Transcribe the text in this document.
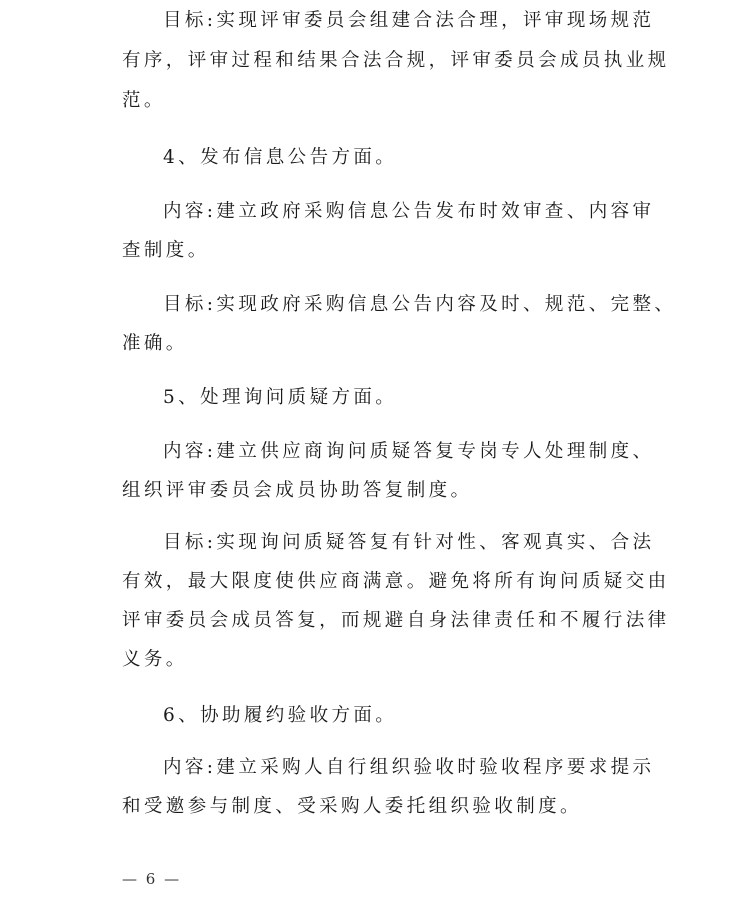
目标:实现评审委员会组建合法合理，评审现场规范
有序，评审过程和结果合法合规，评审委员会成员执业规
范。
4、发布信息公告方面。
内容:建立政府采购信息公告发布时效审查、内容审
查制度。
目标:实现政府采购信息公告内容及时、规范、完整、
准确。
5、处理询问质疑方面。
内容:建立供应商询问质疑答复专岗专人处理制度、
组织评审委员会成员协助答复制度。
目标:实现询问质疑答复有针对性、客观真实、合法
有效，最大限度使供应商满意。避免将所有询问质疑交由
评审委员会成员答复，而规避自身法律责任和不履行法律
义务。
6、协助履约验收方面。
内容:建立采购人自行组织验收时验收程序要求提示
和受邀参与制度、受采购人委托组织验收制度。
— 6 —
